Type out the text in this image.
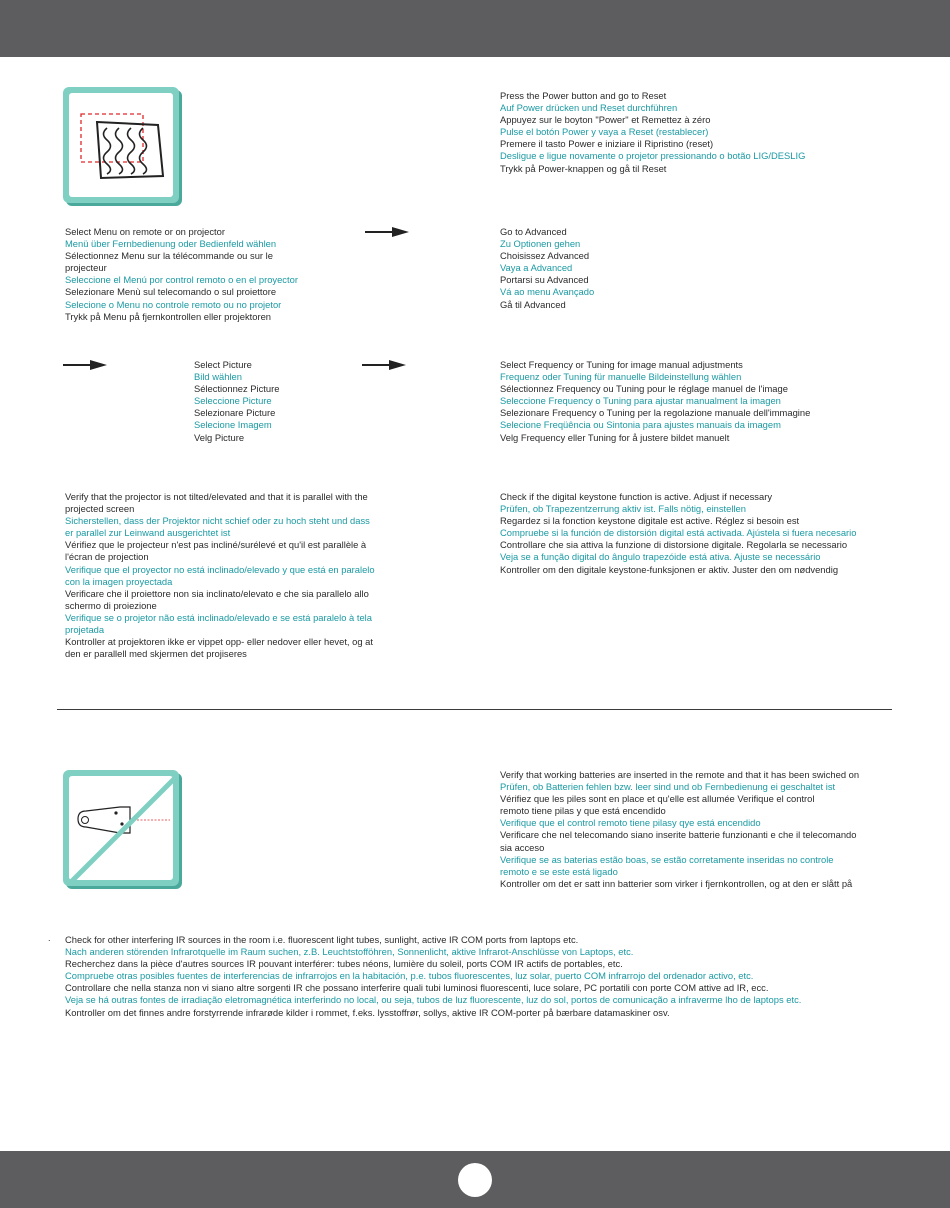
Press the Power button and go to Reset
Auf Power drücken und Reset durchführen
Appuyez sur le boyton "Power" et Remettez à zéro
Pulse el botón Power y vaya a Reset (restablecer)
Premere il tasto Power e iniziare il Ripristino (reset)
Desligue e ligue novamente o projetor pressionando o botão LIG/DESLIG
Trykk på Power-knappen og gå til Reset
Select Menu on remote or on projector
Menü über Fernbedienung oder Bedienfeld wählen
Sélectionnez Menu sur la télécommande ou sur le
projecteur
Seleccione el Menú por control remoto o en el proyector
Selezionare Menù sul telecomando o sul proiettore
Selecione o Menu no controle remoto ou no projetor
Trykk på Menu på fjernkontrollen eller projektoren
Go to Advanced
Zu Optionen gehen
Choisissez Advanced
Vaya a Advanced
Portarsi su Advanced
Vá ao menu Avançado
Gå til Advanced
Select Picture
Bild wählen
Sélectionnez Picture
Seleccione Picture
Selezionare Picture
Selecione Imagem
Velg Picture
Select Frequency or Tuning for image manual adjustments
Frequenz oder Tuning für manuelle Bildeinstellung wählen
Sélectionnez Frequency ou Tuning pour le réglage manuel de l'image
Seleccione Frequency o Tuning para ajustar manualment la imagen
Selezionare Frequency o Tuning per la regolazione manuale dell'immagine
Selecione Freqüência ou Sintonia para ajustes manuais da imagem
Velg Frequency eller Tuning for å justere bildet manuelt
Verify that the projector is not tilted/elevated and that it is parallel with the
projected screen
Sicherstellen, dass der Projektor nicht schief oder zu hoch steht und dass
er parallel zur Leinwand ausgerichtet ist
Vérifiez que le projecteur n'est pas incliné/surélevé et qu'il est parallèle à
l'écran de projection
Verifique que el proyector no está inclinado/elevado y que está en paralelo
con la imagen proyectada
Verificare che il proiettore non sia inclinato/elevato e che sia parallelo allo
schermo di proiezione
Verifique se o projetor não está inclinado/elevado e se está paralelo à tela
projetada
Kontroller at projektoren ikke er vippet opp- eller nedover eller hevet, og at
den er parallell med skjermen det projiseres
Check if the digital keystone function is active. Adjust if necessary
Prüfen, ob Trapezentzerrung aktiv ist. Falls nötig, einstellen
Regardez si la fonction keystone digitale est active. Réglez si besoin est
Compruebe si la función de distorsión digital está activada. Ajústela si fuera necesario
Controllare che sia attiva la funzione di distorsione digitale. Regolarla se necessario
Veja se a função digital do ângulo trapezóide está ativa. Ajuste se necessário
Kontroller om den digitale keystone-funksjonen er aktiv. Juster den om nødvendig
Verify that working batteries are inserted in the remote and that it has been swiched on
Prüfen, ob Batterien fehlen bzw. leer sind und ob Fernbedienung ei geschaltet ist
Vérifiez que les piles sont en place et qu'elle est allumée Verifique el control
remoto tiene pilas y que está encendido
Verifique que el control remoto tiene pilasy qye está encendido
Verificare che nel telecomando siano inserite batterie funzionanti e che il telecomando
sia acceso
Verifique se as baterias estão boas, se estão corretamente inseridas no controle
remoto e se este está ligado
Kontroller om det er satt inn batterier som virker i fjernkontrollen, og at den er slått på
. Check for other interfering IR sources in the room i.e. fluorescent light tubes, sunlight, active IR COM ports from laptops etc.
Nach anderen störenden Infrarotquelle im Raum suchen, z.B. Leuchtstofföhren, Sonnenlicht, aktive Infrarot-Anschlüsse von Laptops, etc.
Recherchez dans la pièce d'autres sources IR pouvant interférer: tubes néons, lumière du soleil, ports COM IR actifs de portables, etc.
Compruebe otras posibles fuentes de interferencias de infrarrojos en la habitación, p.e. tubos fluorescentes, luz solar, puerto COM infrarrojo del ordenador activo, etc.
Controllare che nella stanza non vi siano altre sorgenti IR che possano interferire quali tubi luminosi fluorescenti, luce solare, PC portatili con porte COM attive ad IR, ecc.
Veja se há outras fontes de irradiação eletromagnética interferindo no local, ou seja, tubos de luz fluorescente, luz do sol, portos de comunicação a infraverme lho de laptops etc.
Kontroller om det finnes andre forstyrrende infrarøde kilder i rommet, f.eks. lysstoffrør, sollys, aktive IR COM-porter på bærbare datamaskiner osv.
